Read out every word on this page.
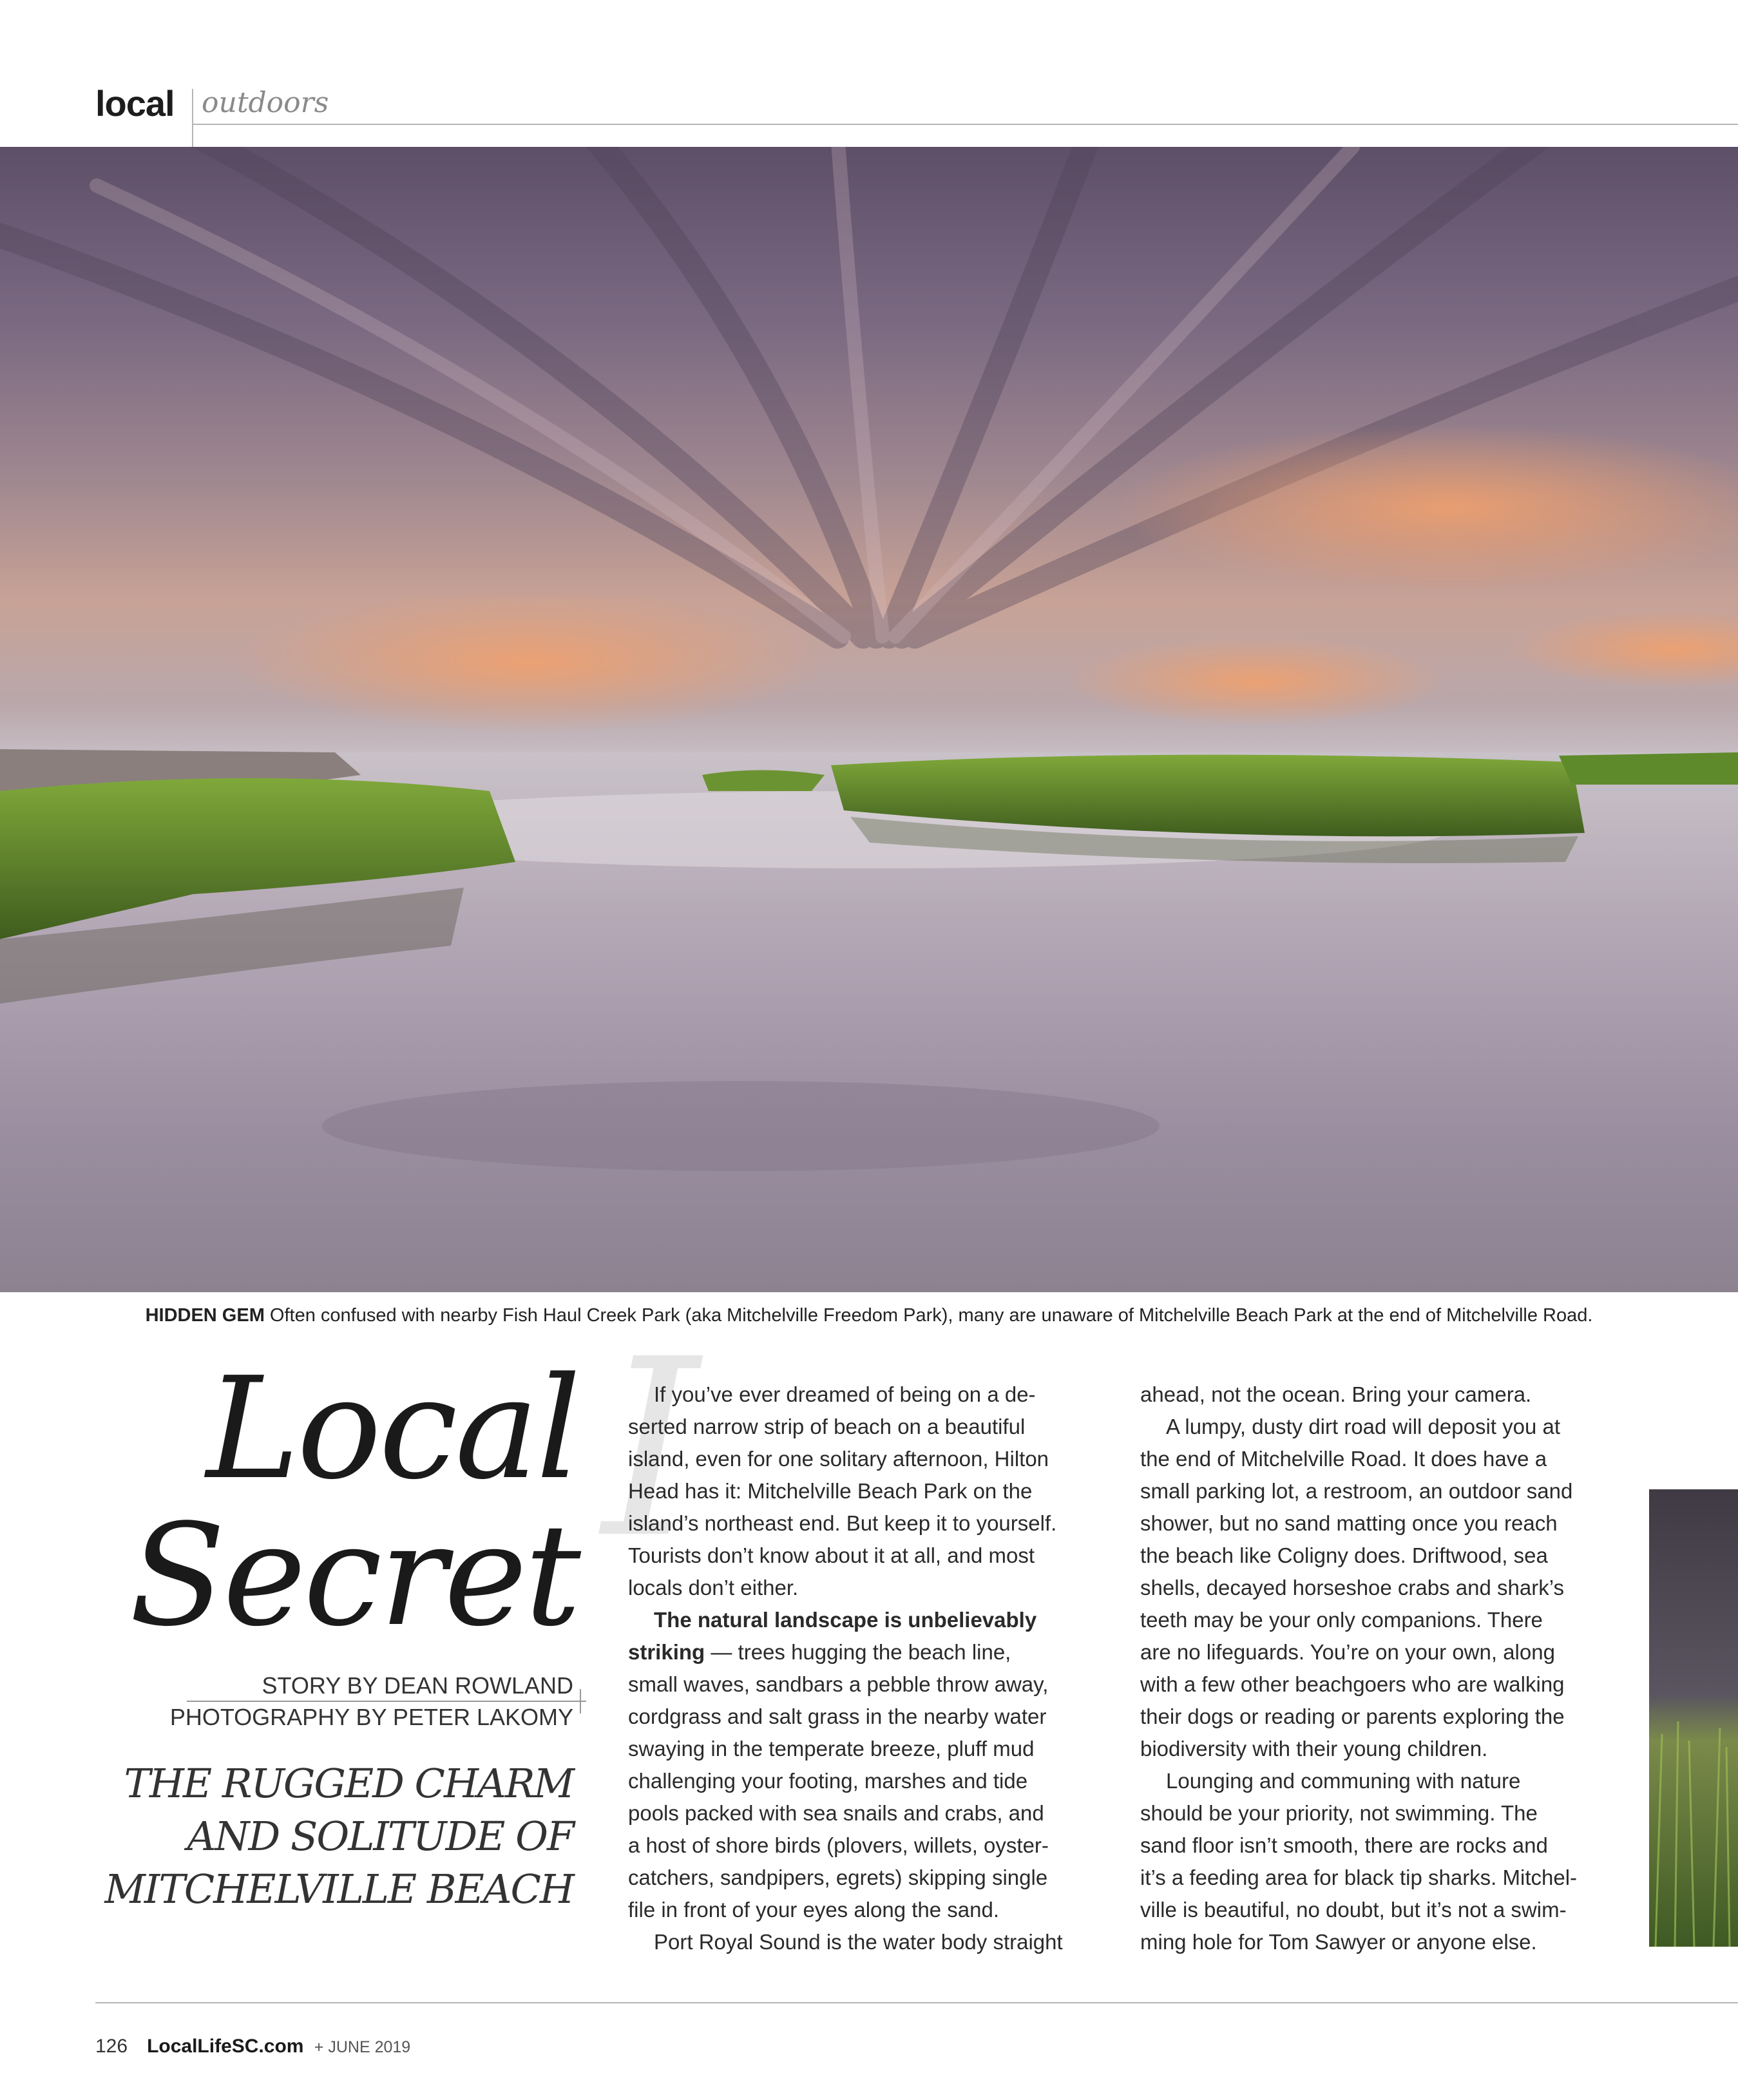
local outdoors
HIDDEN GEM Often confused with nearby Fish Haul Creek Park (aka Mitchelville Freedom Park), many are unaware of Mitchelville Beach Park at the end of Mitchelville Road.
Local
Secret
STORY BY DEAN ROWLAND
PHOTOGRAPHY BY PETER LAKOMY
THE RUGGED CHARM
AND SOLITUDE OF
MITCHELVILLE BEACH
I

If you’ve ever dreamed of being on a de-

serted narrow strip of beach on a beautiful

island, even for one solitary afternoon, Hilton

Head has it: Mitchelville Beach Park on the

island’s northeast end. But keep it to yourself.

Tourists don’t know about it at all, and most

locals don’t either.

The natural landscape is unbelievably

striking — trees hugging the beach line,

small waves, sandbars a pebble throw away,

cordgrass and salt grass in the nearby water

swaying in the temperate breeze, pluff mud

challenging your footing, marshes and tide

pools packed with sea snails and crabs, and

a host of shore birds (plovers, willets, oyster-

catchers, sandpipers, egrets) skipping single

file in front of your eyes along the sand.

Port Royal Sound is the water body straight

ahead, not the ocean. Bring your camera.

A lumpy, dusty dirt road will deposit you at

the end of Mitchelville Road. It does have a

small parking lot, a restroom, an outdoor sand

shower, but no sand matting once you reach

the beach like Coligny does. Driftwood, sea

shells, decayed horseshoe crabs and shark’s

teeth may be your only companions. There

are no lifeguards. You’re on your own, along

with a few other beachgoers who are walking

their dogs or reading or parents exploring the

biodiversity with their young children.

Lounging and communing with nature

should be your priority, not swimming. The

sand floor isn’t smooth, there are rocks and

it’s a feeding area for black tip sharks. Mitchel-

ville is beautiful, no doubt, but it’s not a swim-

ming hole for Tom Sawyer or anyone else.

126 LocalLifeSC.com + JUNE 2019
